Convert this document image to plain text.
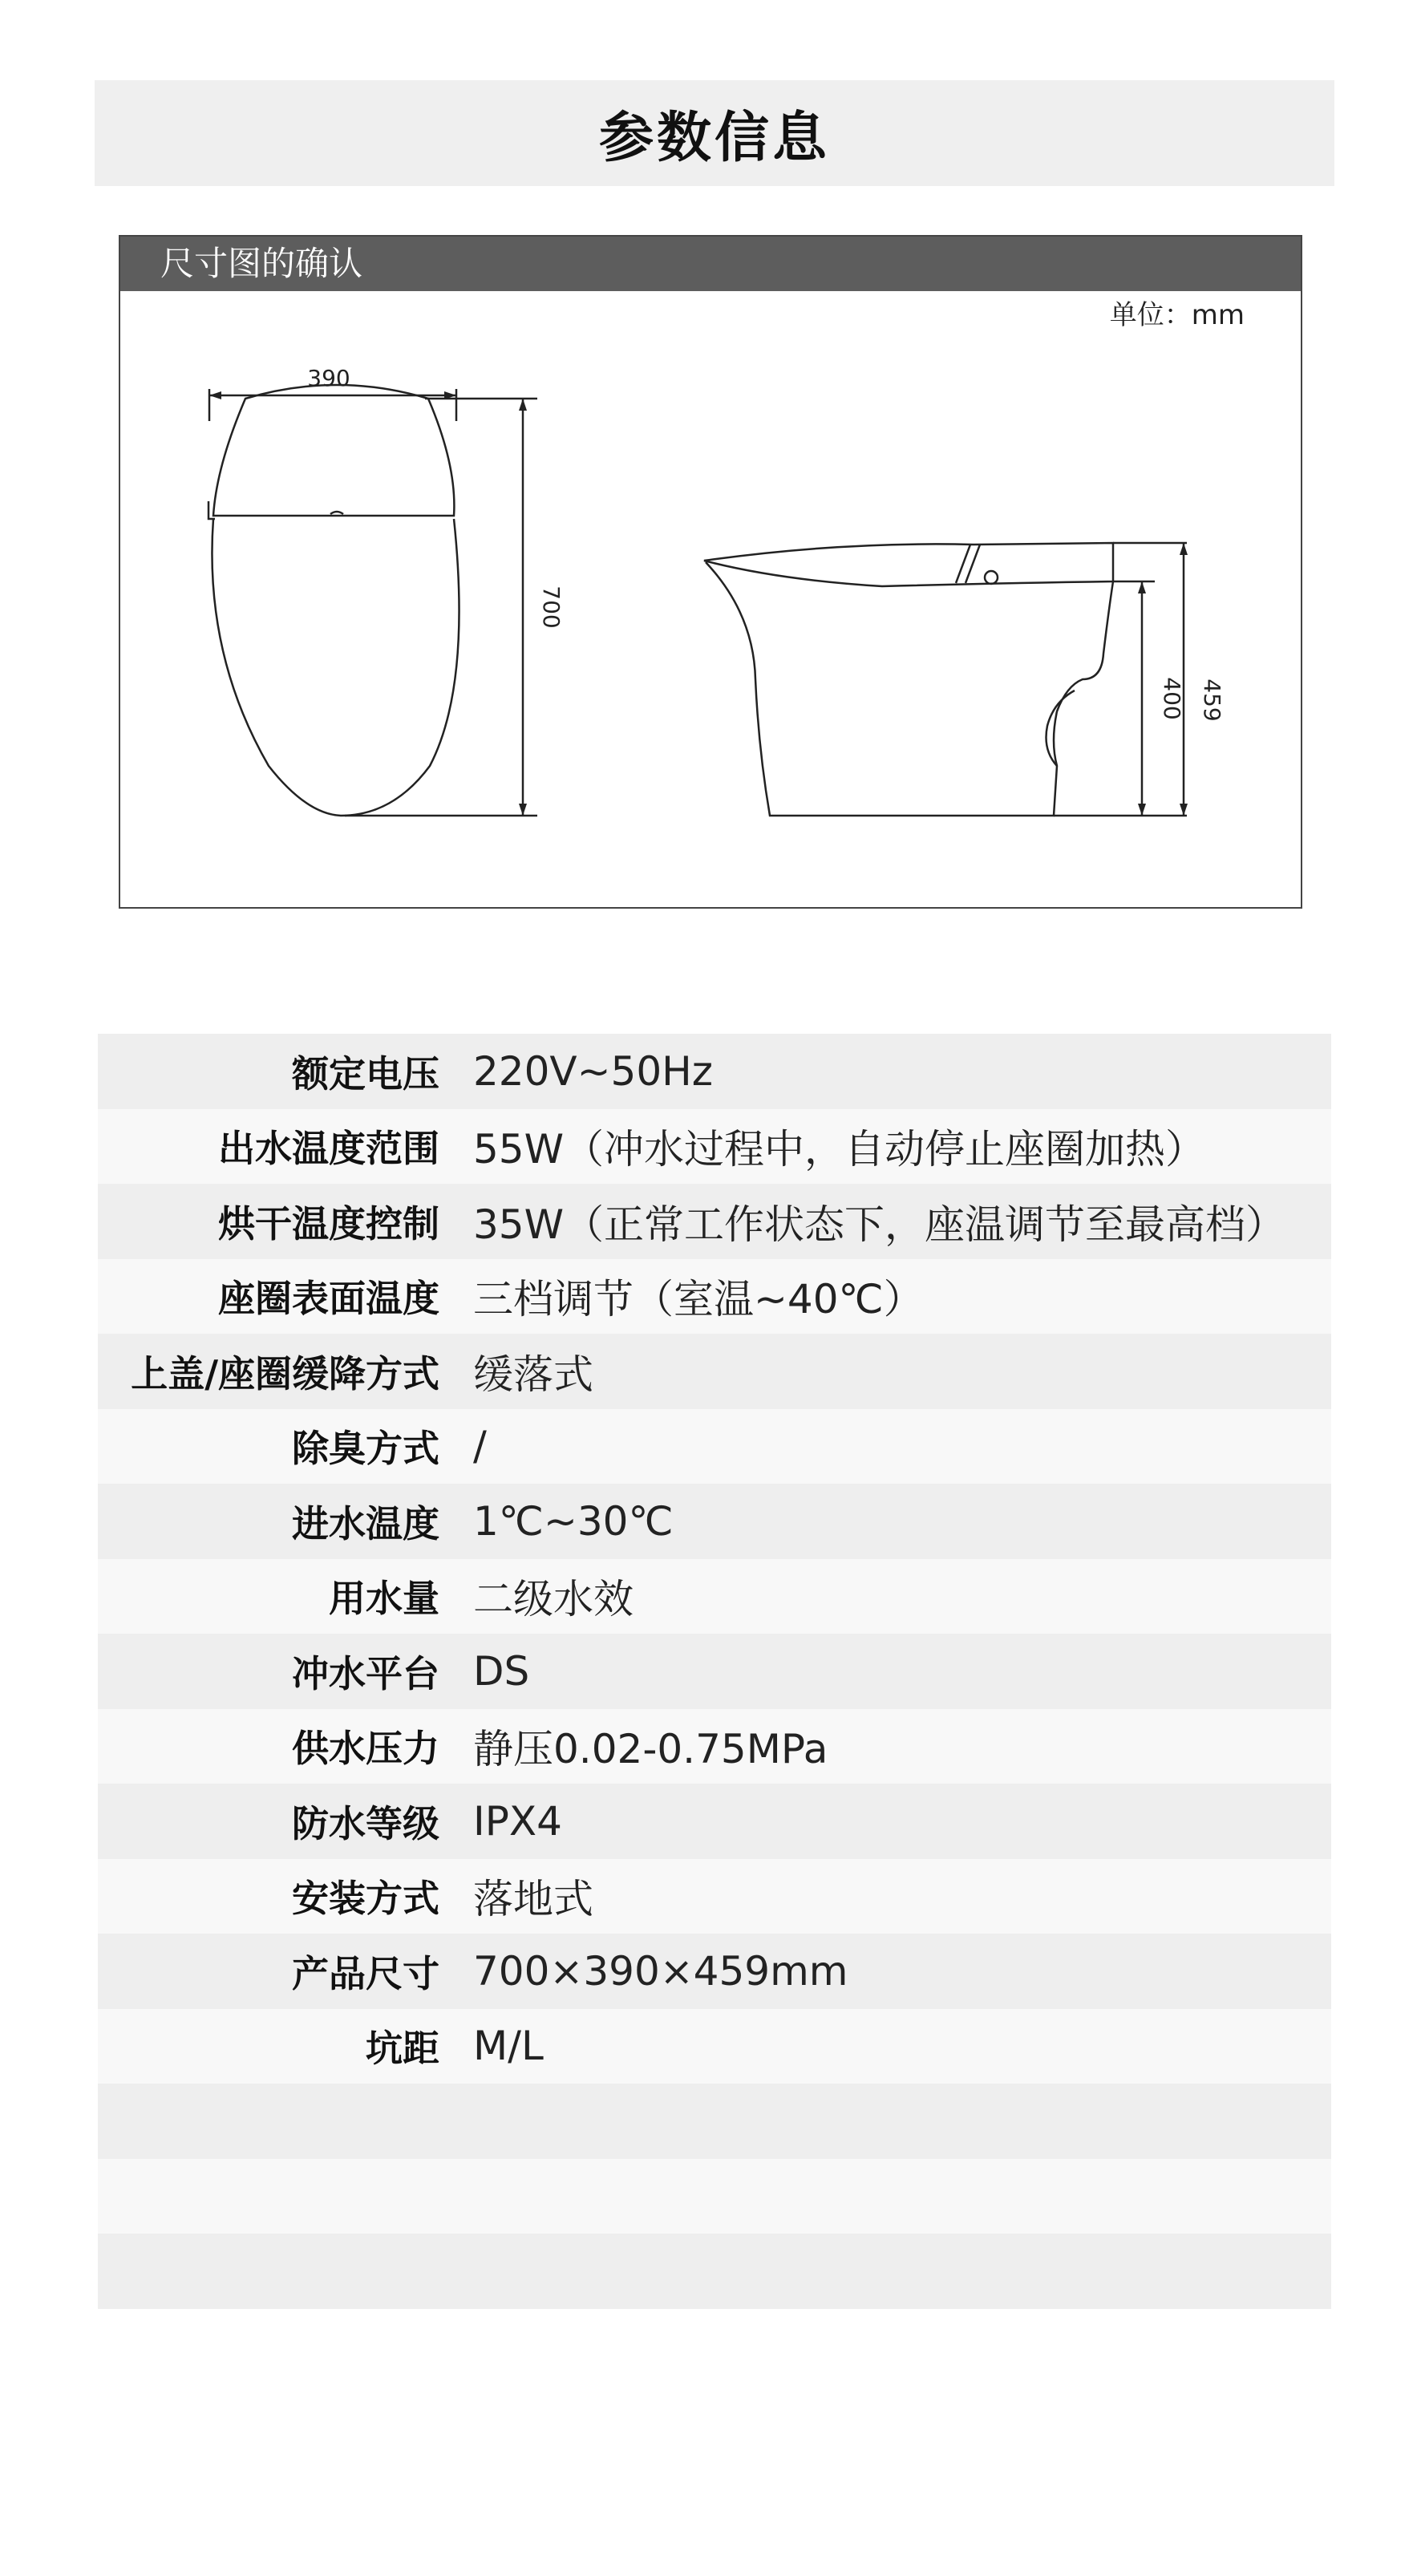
参数信息
尺寸图的确认
单位：mm
390
700
400 459
额定电压 220V~50Hz
出水温度范围 55W（冲水过程中，自动停止座圈加热）
烘干温度控制 35W（正常工作状态下，座温调节至最高档）
座圈表面温度 三档调节（室温~40℃）
上盖/座圈缓降方式 缓落式
除臭方式 /
进水温度 1℃~30℃
用水量 二级水效
冲水平台 DS
供水压力 静压0.02-0.75MPa
防水等级 IPX4
安装方式 落地式
产品尺寸 700×390×459mm
坑距 M/L
